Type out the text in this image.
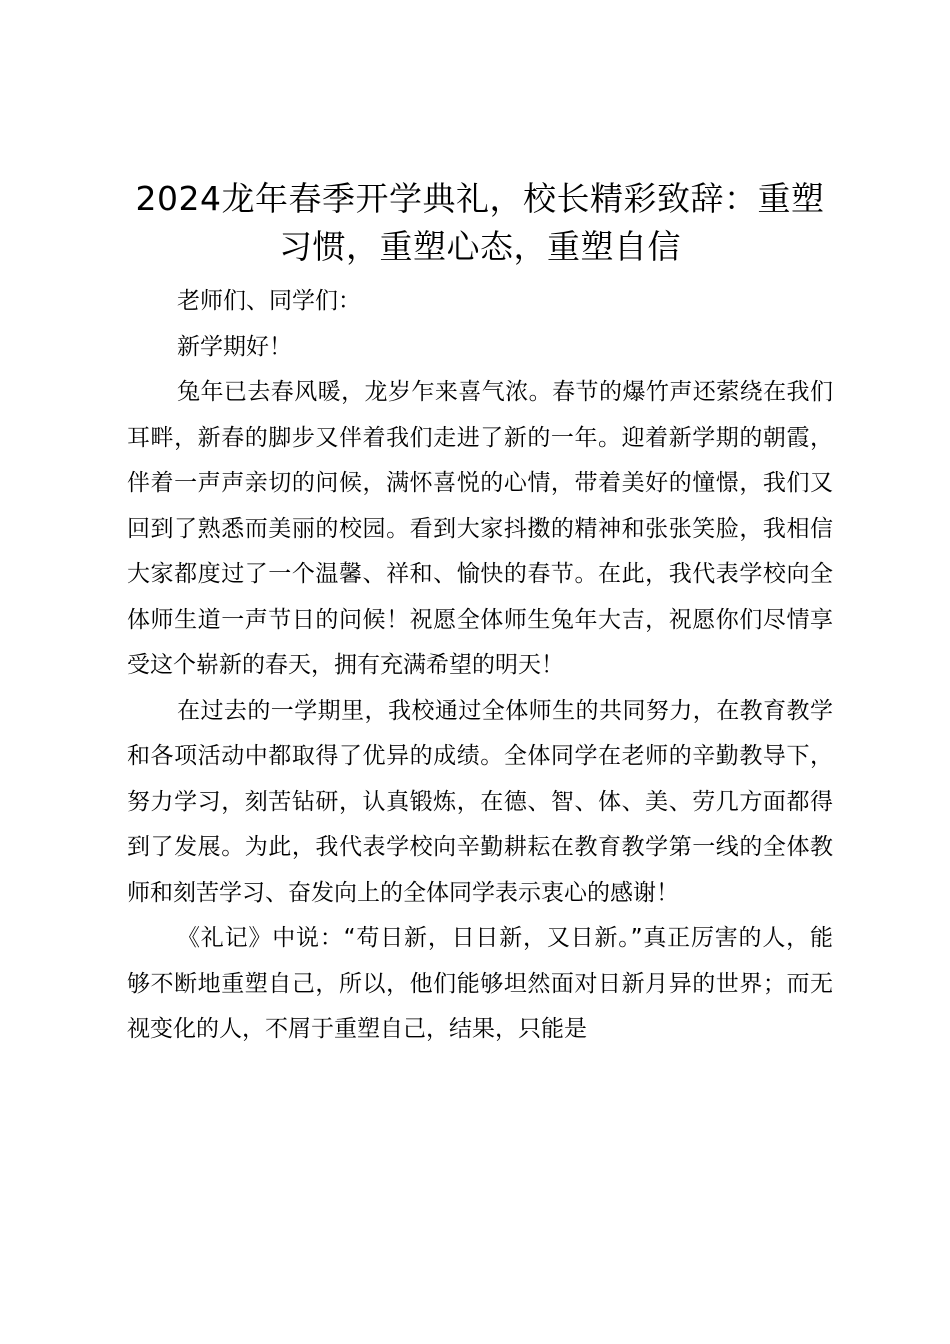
2024龙年春季开学典礼，校长精彩致辞：重塑习惯，重塑心态，重塑自信

老师们、同学们：

新学期好！

兔年已去春风暖，龙岁乍来喜气浓。春节的爆竹声还萦绕在我们耳畔，新春的脚步又伴着我们走进了新的一年。迎着新学期的朝霞，伴着一声声亲切的问候，满怀喜悦的心情，带着美好的憧憬，我们又回到了熟悉而美丽的校园。看到大家抖擞的精神和张张笑脸，我相信大家都度过了一个温馨、祥和、愉快的春节。在此，我代表学校向全体师生道一声节日的问候！祝愿全体师生兔年大吉，祝愿你们尽情享受这个崭新的春天，拥有充满希望的明天！

在过去的一学期里，我校通过全体师生的共同努力，在教育教学和各项活动中都取得了优异的成绩。全体同学在老师的辛勤教导下，努力学习，刻苦钻研，认真锻炼，在德、智、体、美、劳几方面都得到了发展。为此，我代表学校向辛勤耕耘在教育教学第一线的全体教师和刻苦学习、奋发向上的全体同学表示衷心的感谢！

《礼记》中说：“苟日新，日日新，又日新。”真正厉害的人，能够不断地重塑自己，所以，他们能够坦然面对日新月异的世界；而无视变化的人，不屑于重塑自己，结果，只能是
